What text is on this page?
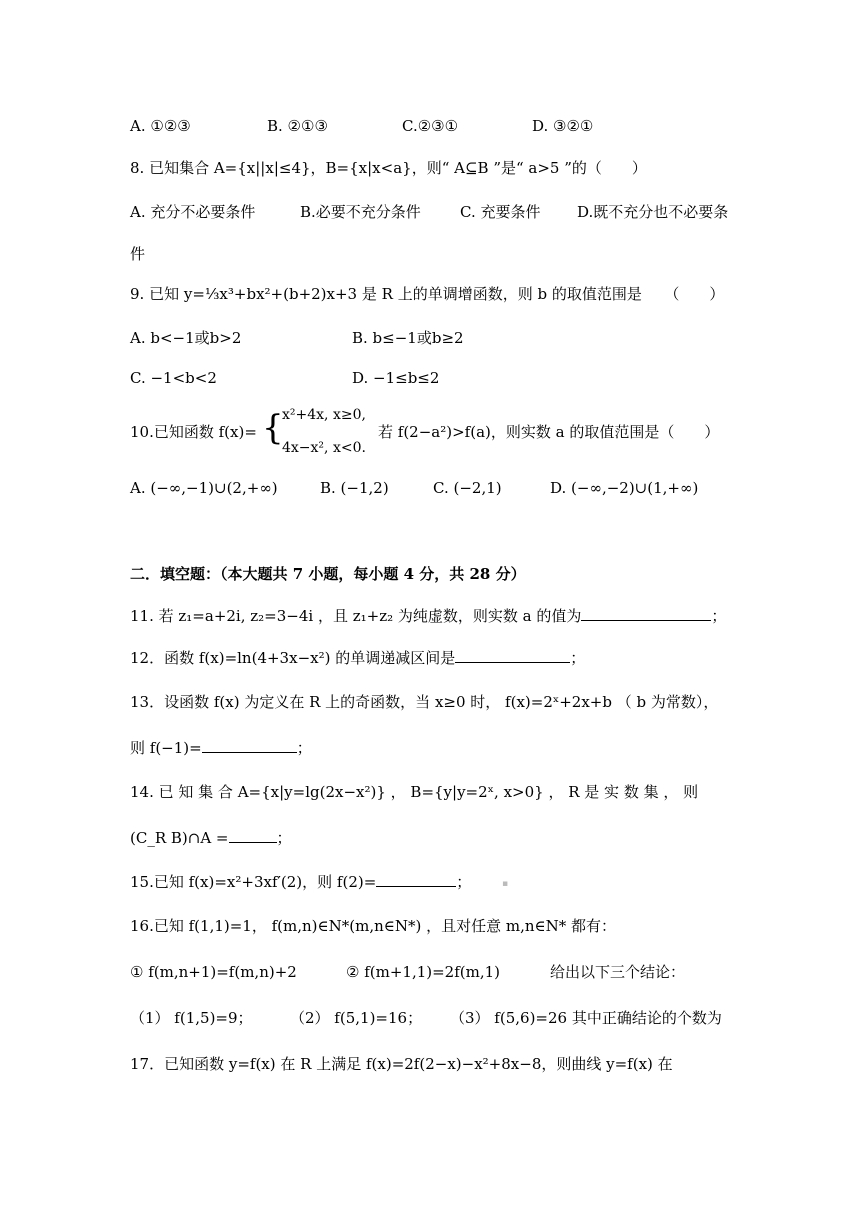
A. ①②③	B. ②①③	C.②③①	D. ③②①
8. 已知集合 A={x||x|≤4}，B={x|x<a}，则“ A⊆B ”是“ a>5 ”的（　　）
A. 充分不必要条件	B.必要不充分条件	C. 充要条件 D.既不充分也不必要条
件
9. 已知 y=⅓x³+bx²+(b+2)x+3 是 R 上的单调增函数，则 b 的取值范围是　　（　　）
A. b<−1或b>2	B. b≤−1或b≥2
C. −1<b<2	D. −1≤b≤2
10.已知函数 f(x)= {
x²+4x, x≥0,
4x−x², x<0.
若 f(2−a²)>f(a)，则实数 a 的取值范围是（　　）
A. (−∞,−1)∪(2,+∞)	B. (−1,2)	C. (−2,1)	D. (−∞,−2)∪(1,+∞)
二．填空题：（本大题共 7 小题，每小题 4 分，共 28 分）
11. 若 z₁=a+2i, z₂=3−4i ，且 z₁+z₂ 为纯虚数，则实数 a 的值为	；
12．函数 f(x)=ln(4+3x−x²) 的单调递减区间是	；
13．设函数 f(x) 为定义在 R 上的奇函数，当 x≥0 时， f(x)=2ˣ+2x+b （ b 为常数），
则 f(−1)=	；
14. 已 知 集 合 A={x|y=lg(2x−x²)} ， B={y|y=2ˣ, x>0} ， R 是 实 数 集 ， 则
(C_R B)∩A =	；
15.已知 f(x)=x²+3xf′(2)，则 f(2)=	；
16.已知 f(1,1)=1， f(m,n)∈N*(m,n∈N*) ，且对任意 m,n∈N* 都有：
① f(m,n+1)=f(m,n)+2	② f(m+1,1)=2f(m,1)	给出以下三个结论：
（1） f(1,5)=9； （2） f(5,1)=16； （3） f(5,6)=26 其中正确结论的个数为
17．已知函数 y=f(x) 在 R 上满足 f(x)=2f(2−x)−x²+8x−8，则曲线 y=f(x) 在
▪
